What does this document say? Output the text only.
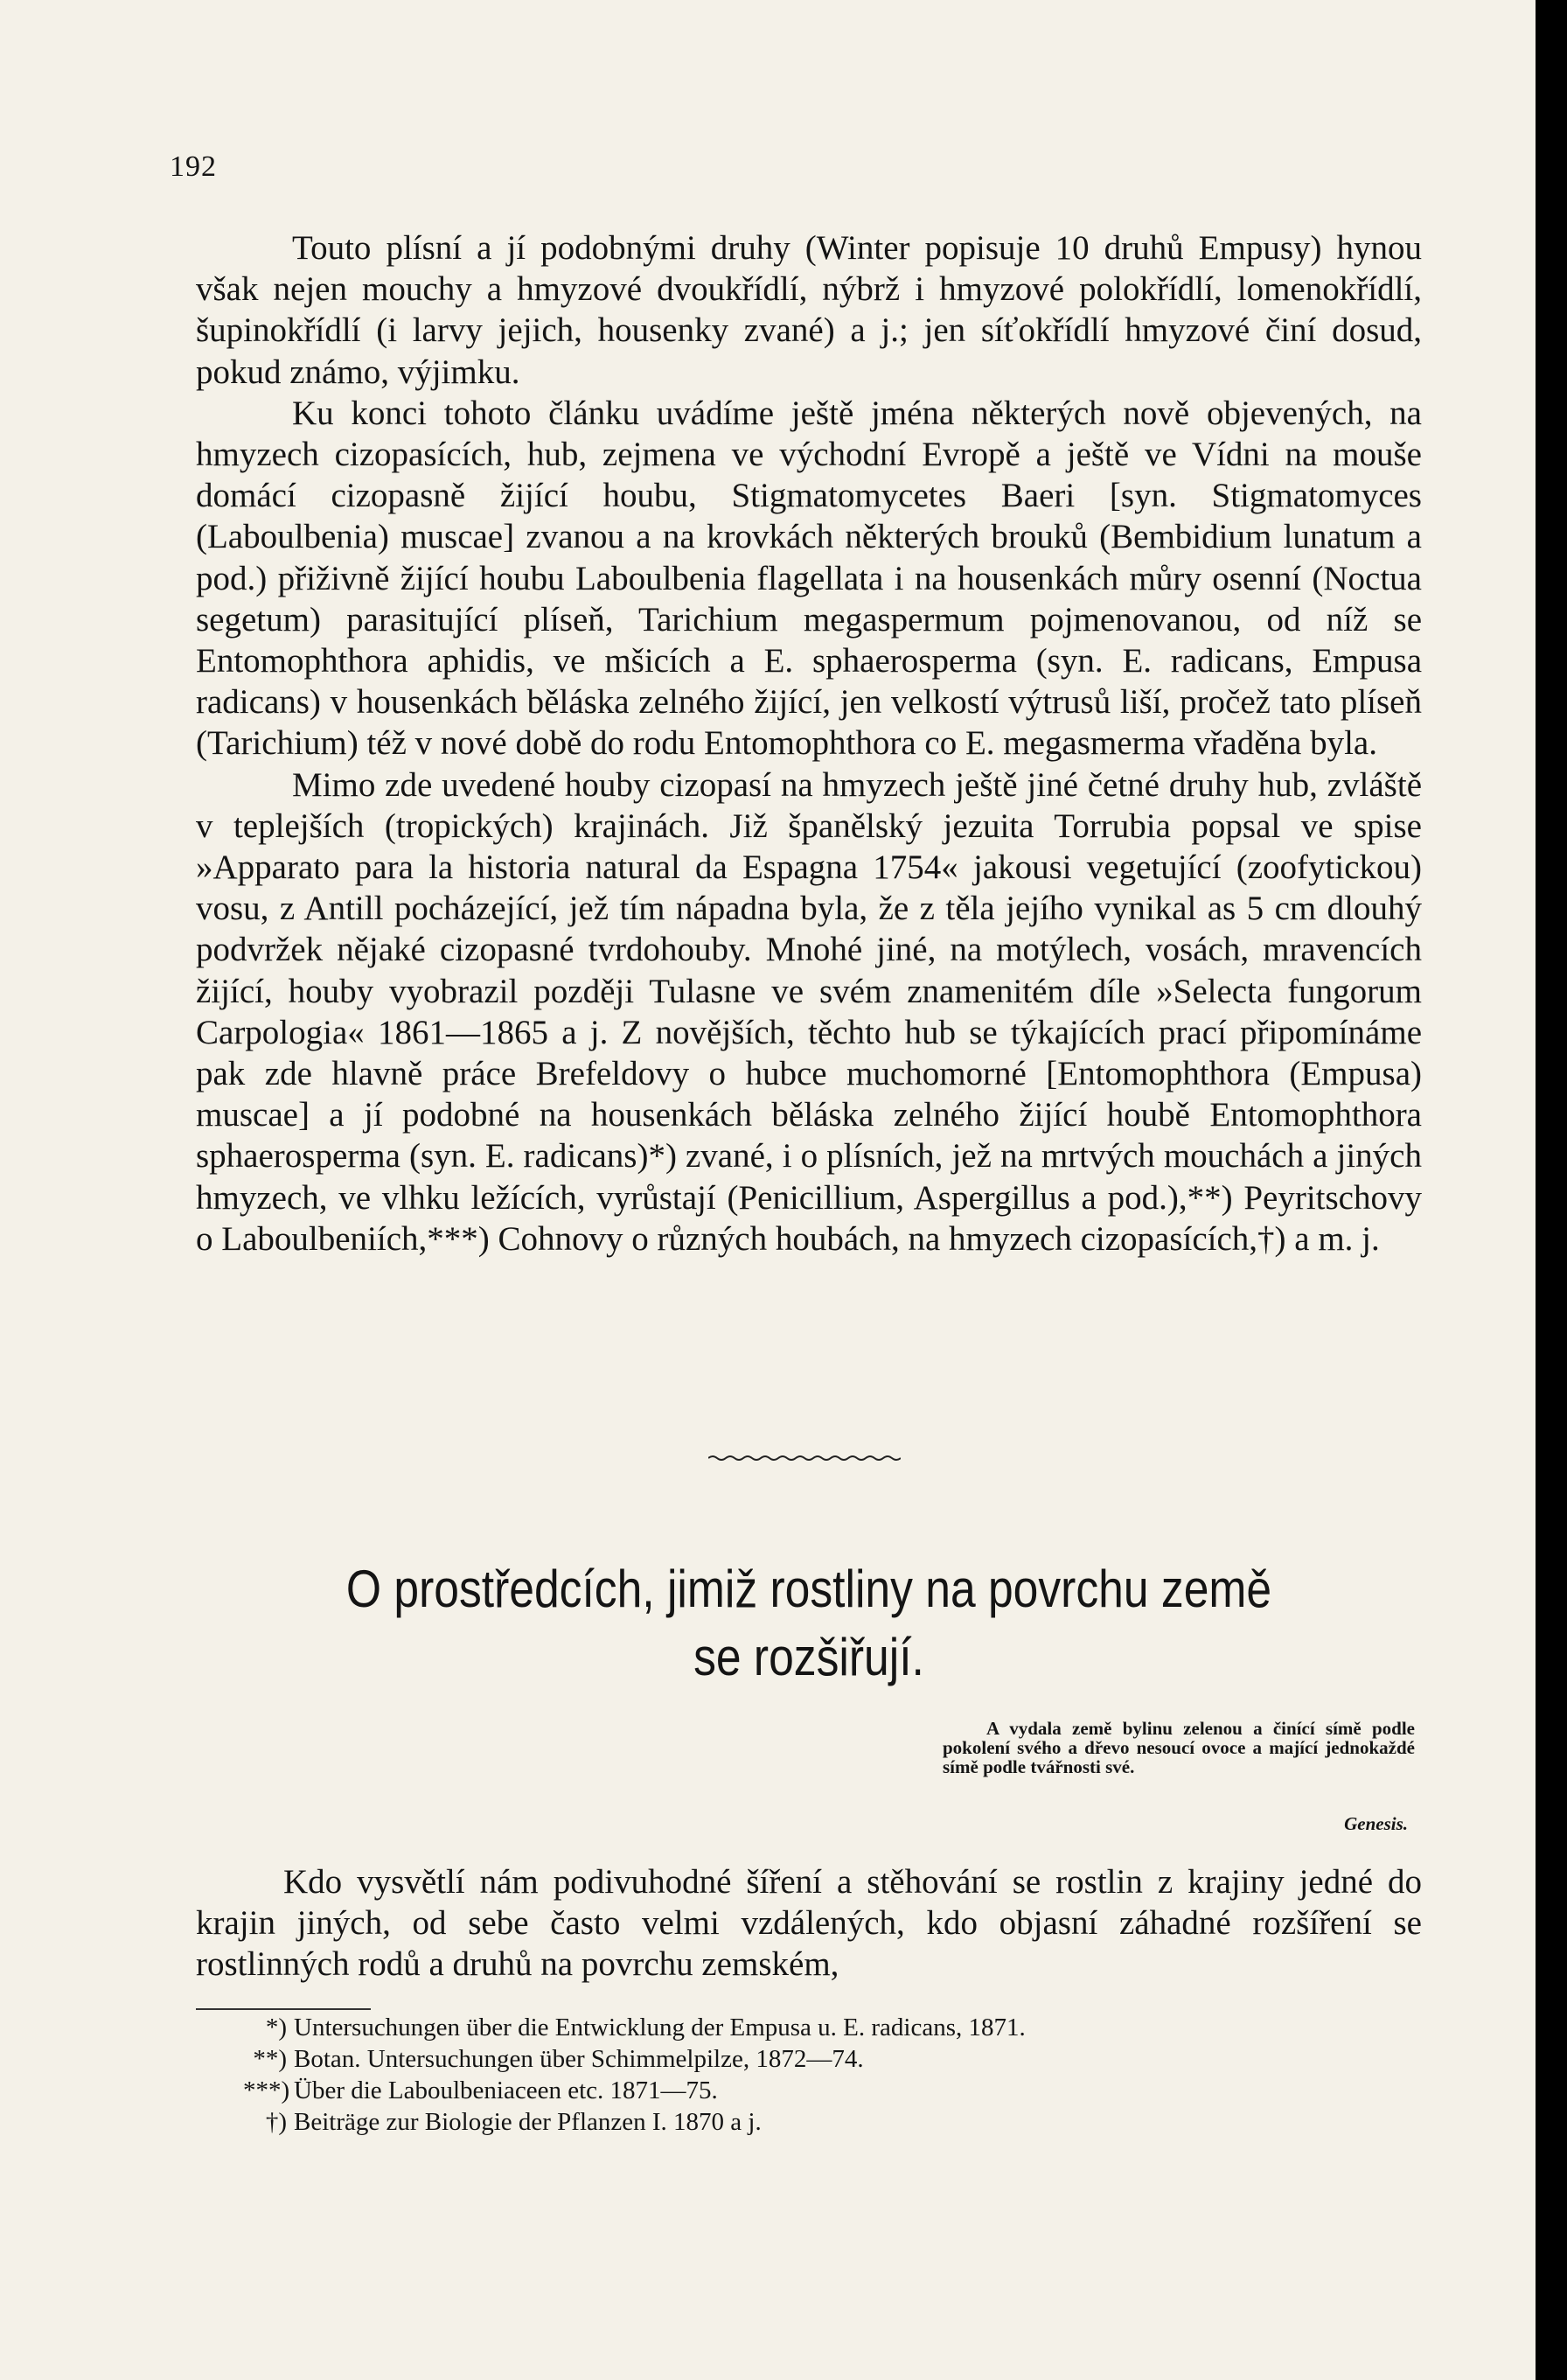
192

Touto plísní a jí podobnými druhy (Winter popisuje 10 druhů Empusy) hynou však nejen mouchy a hmyzové dvoukřídlí, nýbrž i hmyzové polokřídlí, lomenokřídlí, šupinokřídlí (i larvy jejich, housenky zvané) a j.; jen síťokřídlí hmyzové činí dosud, pokud známo, výjimku.

Ku konci tohoto článku uvádíme ještě jména některých nově objevených, na hmyzech cizopasících, hub, zejmena ve východní Evropě a ještě ve Vídni na mouše domácí cizopasně žijící houbu, Stigmatomycetes Baeri [syn. Stigmatomyces (Laboulbenia) muscae] zvanou a na krovkách některých brouků (Bembidium lunatum a pod.) přiživně žijící houbu Laboulbenia flagellata i na housenkách můry osenní (Noctua segetum) parasitující plíseň, Tarichium megaspermum pojmenovanou, od níž se Entomophthora aphidis, ve mšicích a E. sphaerosperma (syn. E. radicans, Empusa radicans) v housenkách běláska zelného žijící, jen velkostí výtrusů liší, pročež tato plíseň (Tarichium) též v nové době do rodu Entomophthora co E. megasmerma vřaděna byla.

Mimo zde uvedené houby cizopasí na hmyzech ještě jiné četné druhy hub, zvláště v teplejších (tropických) krajinách. Již španělský jezuita Torrubia popsal ve spise »Apparato para la historia natural da Espagna 1754« jakousi vegetující (zoofytickou) vosu, z Antill pocházející, jež tím nápadna byla, že z těla jejího vynikal as 5 cm dlouhý podvržek nějaké cizopasné tvrdohouby. Mnohé jiné, na motýlech, vosách, mravencích žijící, houby vyobrazil později Tulasne ve svém znamenitém díle »Selecta fungorum Carpologia« 1861—1865 a j. Z novějších, těchto hub se týkajících prací připomínáme pak zde hlavně práce Brefeldovy o hubce muchomorné [Entomophthora (Empusa) muscae] a jí podobné na housenkách běláska zelného žijící houbě Entomophthora sphaerosperma (syn. E. radicans)*) zvané, i o plísních, jež na mrtvých mouchách a jiných hmyzech, ve vlhku ležících, vyrůstají (Penicillium, Aspergillus a pod.),**) Peyritschovy o Laboulbeniích,***) Cohnovy o různých houbách, na hmyzech cizopasících,†) a m. j.

O prostředcích, jimiž rostliny na povrchu země
se rozšiřují.
A vydala země bylinu zelenou a činící símě podle pokolení svého a dřevo nesoucí ovoce a mající jednokaždé símě podle tvářnosti své.
Genesis.

Kdo vysvětlí nám podivuhodné šíření a stěhování se rostlin z krajiny jedné do krajin jiných, od sebe často velmi vzdálených, kdo objasní záhadné rozšíření se rostlinných rodů a druhů na povrchu zemském,

*) Untersuchungen über die Entwicklung der Empusa u. E. radicans, 1871.
**) Botan. Untersuchungen über Schimmelpilze, 1872—74.
***) Über die Laboulbeniaceen etc. 1871—75.
†) Beiträge zur Biologie der Pflanzen I. 1870 a j.
